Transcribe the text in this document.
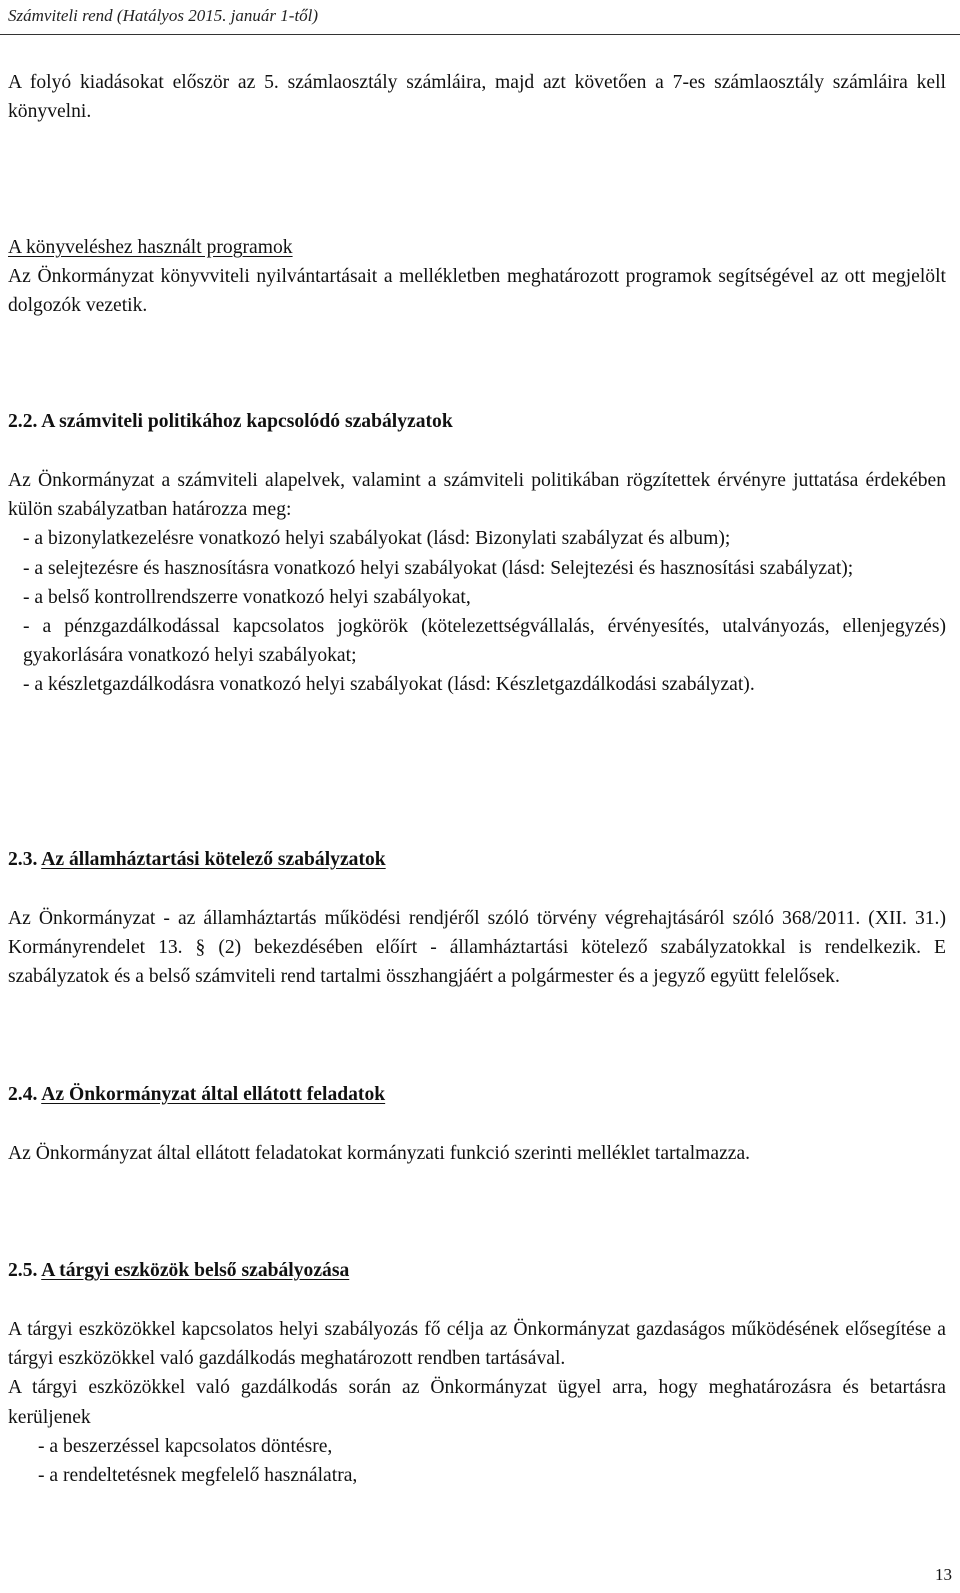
Számviteli rend (Hatályos 2015. január 1-től)
A folyó kiadásokat először az 5. számlaosztály számláira, majd azt követően a 7-es számlaosztály számláira kell könyvelni.
A könyveléshez használt programok
Az Önkormányzat könyvviteli nyilvántartásait a mellékletben meghatározott programok segítségével az ott megjelölt dolgozók vezetik.
2.2. A számviteli politikához kapcsolódó szabályzatok

Az Önkormányzat a számviteli alapelvek, valamint a számviteli politikában rögzítettek érvényre juttatása érdekében külön szabályzatban határozza meg:

- a bizonylatkezelésre vonatkozó helyi szabályokat (lásd: Bizonylati szabályzat és album);

- a selejtezésre és hasznosításra vonatkozó helyi szabályokat (lásd: Selejtezési és hasznosítási szabályzat);

- a belső kontrollrendszerre vonatkozó helyi szabályokat,

- a pénzgazdálkodással kapcsolatos jogkörök (kötelezettségvállalás, érvényesítés, utalványozás, ellenjegyzés) gyakorlására vonatkozó helyi szabályokat;

- a készletgazdálkodásra vonatkozó helyi szabályokat (lásd: Készletgazdálkodási szabályzat).

2.3. Az államháztartási kötelező szabályzatok
Az Önkormányzat - az államháztartás működési rendjéről szóló törvény végrehajtásáról szóló 368/2011. (XII. 31.) Kormányrendelet 13. § (2) bekezdésében előírt - államháztartási kötelező szabályzatokkal is rendelkezik. E szabályzatok és a belső számviteli rend tartalmi összhangjáért a polgármester és a jegyző együtt felelősek.
2.4. Az Önkormányzat által ellátott feladatok
Az Önkormányzat által ellátott feladatokat kormányzati funkció szerinti melléklet tartalmazza.
2.5. A tárgyi eszközök belső szabályozása

A tárgyi eszközökkel kapcsolatos helyi szabályozás fő célja az Önkormányzat gazdaságos működésének elősegítése a tárgyi eszközökkel való gazdálkodás meghatározott rendben tartásával.

A tárgyi eszközökkel való gazdálkodás során az Önkormányzat ügyel arra, hogy meghatározásra és betartásra kerüljenek

- a beszerzéssel kapcsolatos döntésre,

- a rendeltetésnek megfelelő használatra,

13
